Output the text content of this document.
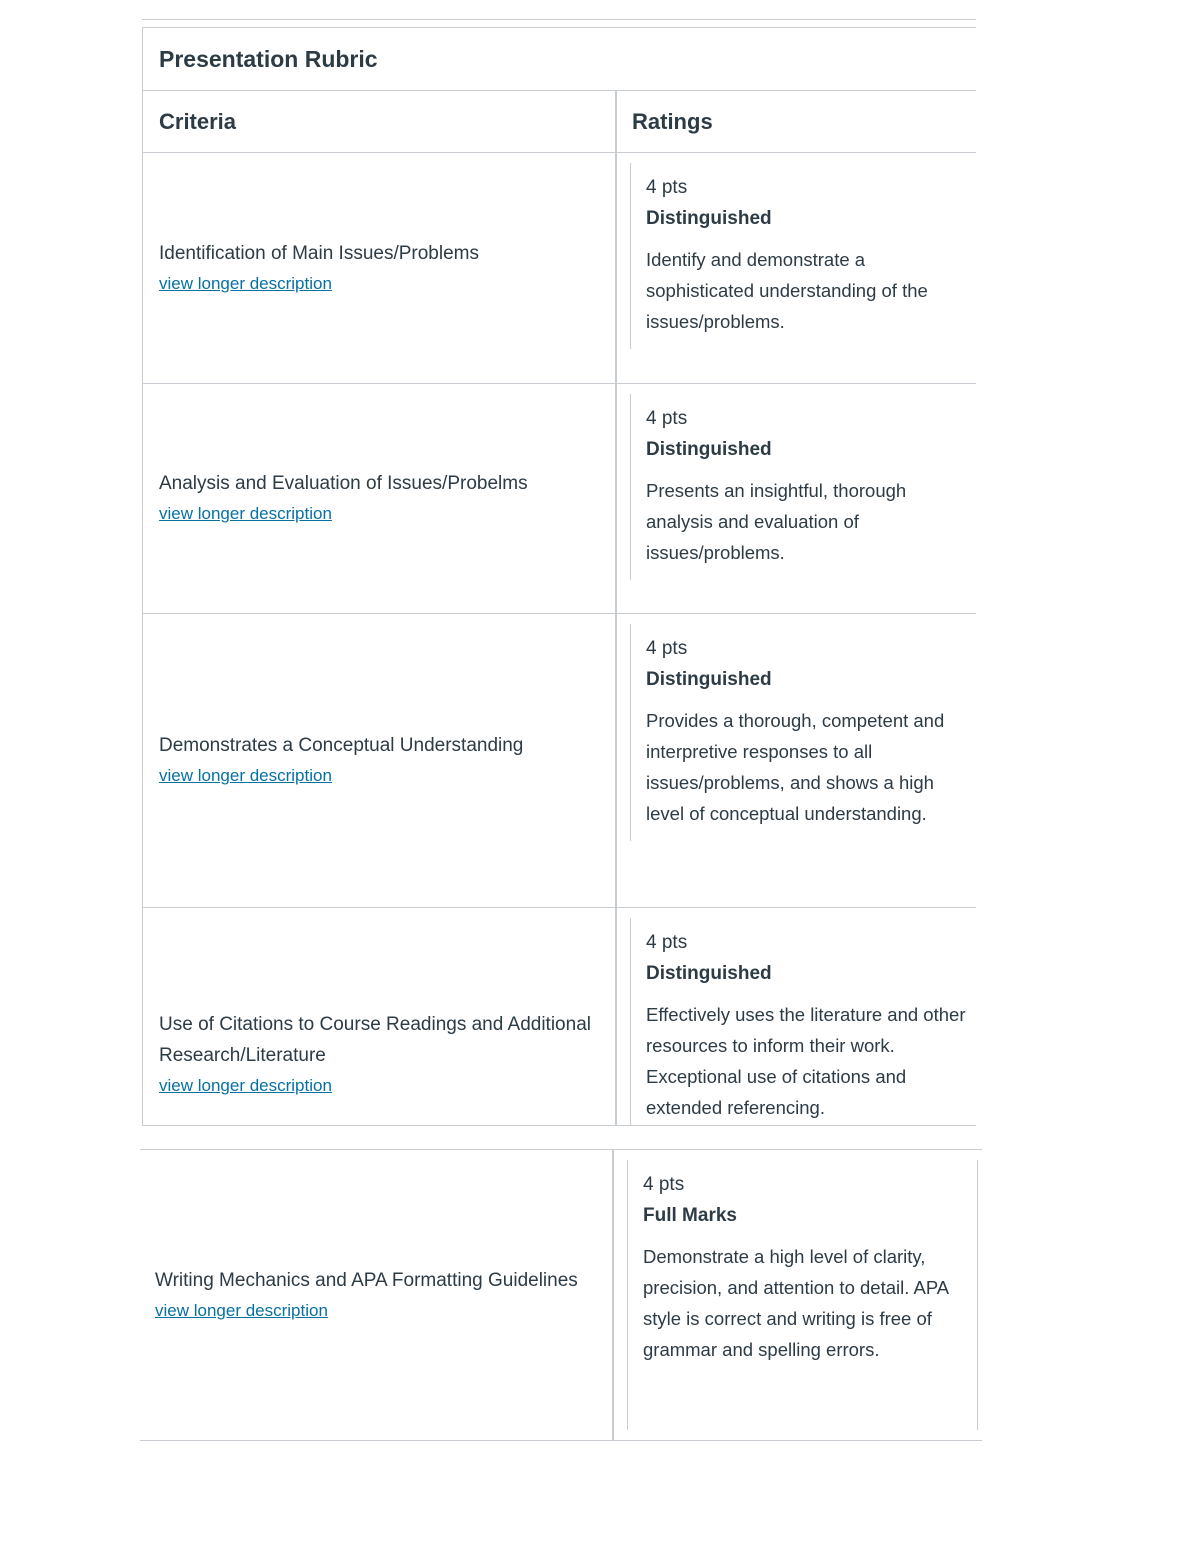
Presentation Rubric
Criteria	Ratings
Identification of Main Issues/Problems
view longer description
4 pts
Distinguished
Identify and demonstrate a sophisticated understanding of the issues/problems.
Analysis and Evaluation of Issues/Probelms
view longer description
4 pts
Distinguished
Presents an insightful, thorough analysis and evaluation of issues/problems.
Demonstrates a Conceptual Understanding
view longer description
4 pts
Distinguished
Provides a thorough, competent and interpretive responses to all issues/problems, and shows a high level of conceptual understanding.
Use of Citations to Course Readings and Additional Research/Literature
view longer description
4 pts
Distinguished
Effectively uses the literature and other resources to inform their work. Exceptional use of citations and extended referencing.
Writing Mechanics and APA Formatting Guidelines
view longer description
4 pts
Full Marks
Demonstrate a high level of clarity, precision, and attention to detail. APA style is correct and writing is free of grammar and spelling errors.
